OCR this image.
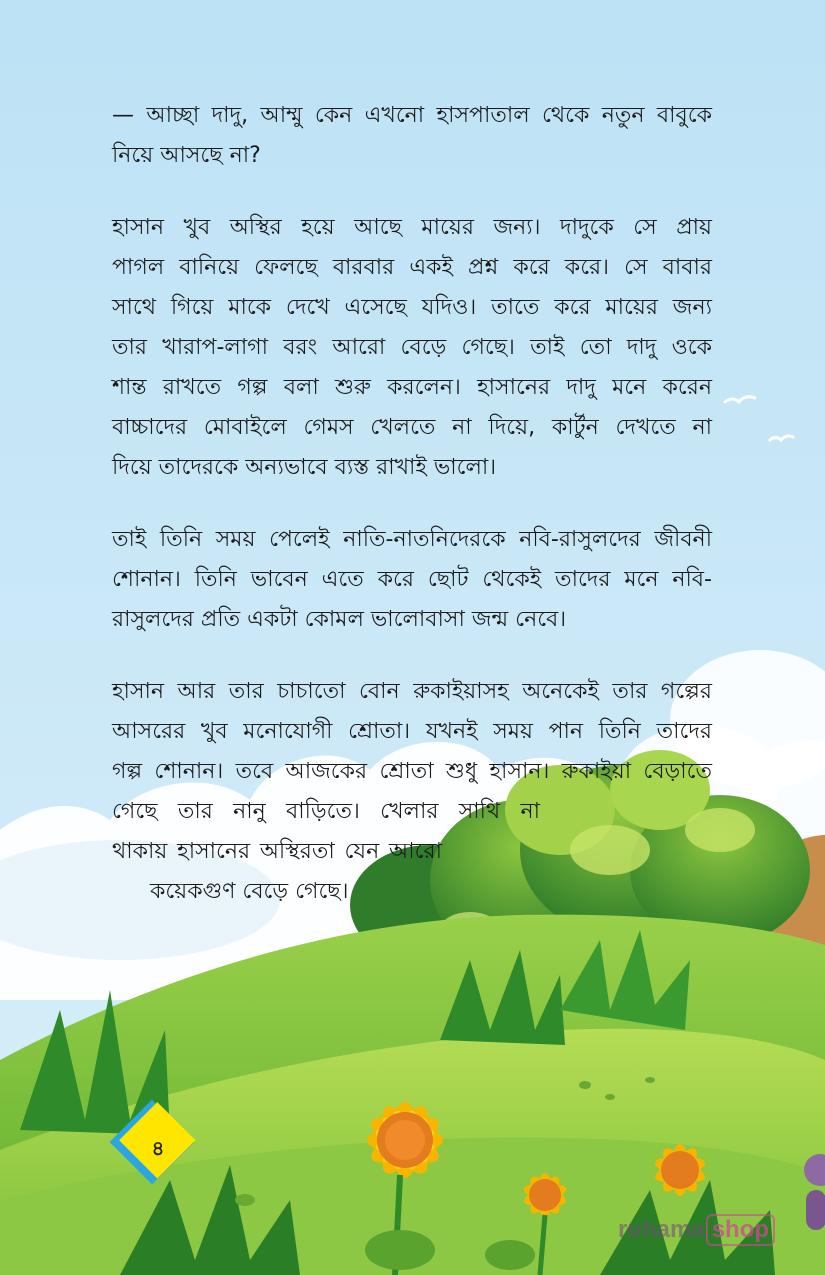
— আচ্ছা দাদু, আম্মু কেন এখনো হাসপাতাল থেকে নতুন বাবুকে
নিয়ে আসছে না?

হাসান খুব অস্থির হয়ে আছে মায়ের জন্য। দাদুকে সে প্রায়
পাগল বানিয়ে ফেলছে বারবার একই প্রশ্ন করে করে। সে বাবার
সাথে গিয়ে মাকে দেখে এসেছে যদিও। তাতে করে মায়ের জন্য
তার খারাপ-লাগা বরং আরো বেড়ে গেছে। তাই তো দাদু ওকে
শান্ত রাখতে গল্প বলা শুরু করলেন। হাসানের দাদু মনে করেন
বাচ্চাদের মোবাইলে গেমস খেলতে না দিয়ে, কার্টুন দেখতে না
দিয়ে তাদেরকে অন্যভাবে ব্যস্ত রাখাই ভালো।

তাই তিনি সময় পেলেই নাতি-নাতনিদেরকে নবি-রাসুলদের জীবনী
শোনান। তিনি ভাবেন এতে করে ছোট থেকেই তাদের মনে নবি-
রাসুলদের প্রতি একটা কোমল ভালোবাসা জন্ম নেবে।

হাসান আর তার চাচাতো বোন রুকাইয়াসহ অনেকেই তার গল্পের
আসরের খুব মনোযোগী শ্রোতা। যখনই সময় পান তিনি তাদের
গল্প শোনান। তবে আজকের শ্রোতা শুধু হাসান। রুকাইয়া বেড়াতে
গেছে তার নানু বাড়িতে। খেলার সাথি না
থাকায় হাসানের অস্থিরতা যেন আরো
কয়েকগুণ বেড়ে গেছে।

৪
ruhama shop
